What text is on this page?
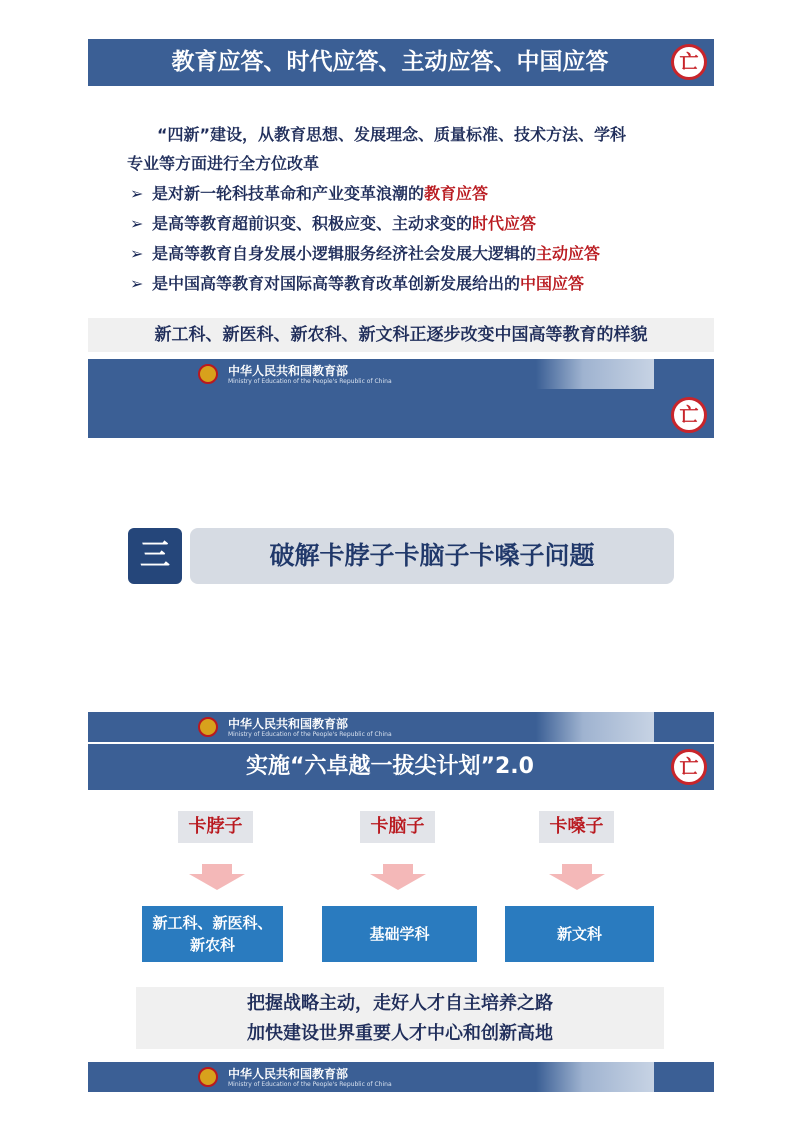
教育应答、时代应答、主动应答、中国应答	亡
“四新”建设，从教育思想、发展理念、质量标准、技术方法、学科
专业等方面进行全方位改革
➢ 是对新一轮科技革命和产业变革浪潮的教育应答
➢ 是高等教育超前识变、积极应变、主动求变的时代应答
➢ 是高等教育自身发展小逻辑服务经济社会发展大逻辑的主动应答
➢ 是中国高等教育对国际高等教育改革创新发展给出的中国应答
新工科、新医科、新农科、新文科正逐步改变中国高等教育的样貌
中华人民共和国教育部
Ministry of Education of the People's Republic of China
亡
三	破解卡脖子卡脑子卡嗓子问题
中华人民共和国教育部
Ministry of Education of the People's Republic of China
实施“六卓越一拔尖计划”2.0	亡
卡脖子	卡脑子	卡嗓子
新工科、新医科、
新农科
基础学科	新文科
把握战略主动，走好人才自主培养之路
加快建设世界重要人才中心和创新高地
中华人民共和国教育部
Ministry of Education of the People's Republic of China
